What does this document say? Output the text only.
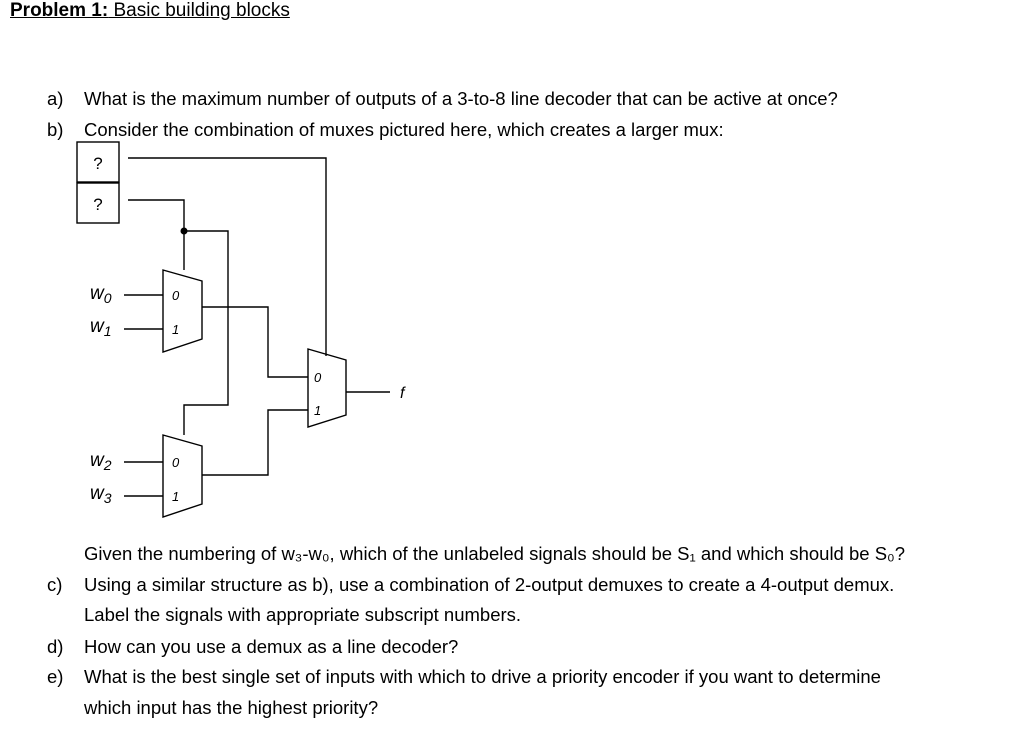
Problem 1: Basic building blocks
a) What is the maximum number of outputs of a 3-to-8 line decoder that can be active at once?
b) Consider the combination of muxes pictured here, which creates a larger mux:
?
?
$w_0$
$w_1$
$w_2$
$w_3$
0
1
0
1
0
1
f
Given the numbering of w₃-w₀, which of the unlabeled signals should be S₁ and which should be S₀?
c) Using a similar structure as b), use a combination of 2-output demuxes to create a 4-output demux.
Label the signals with appropriate subscript numbers.
d) How can you use a demux as a line decoder?
e) What is the best single set of inputs with which to drive a priority encoder if you want to determine
which input has the highest priority?
